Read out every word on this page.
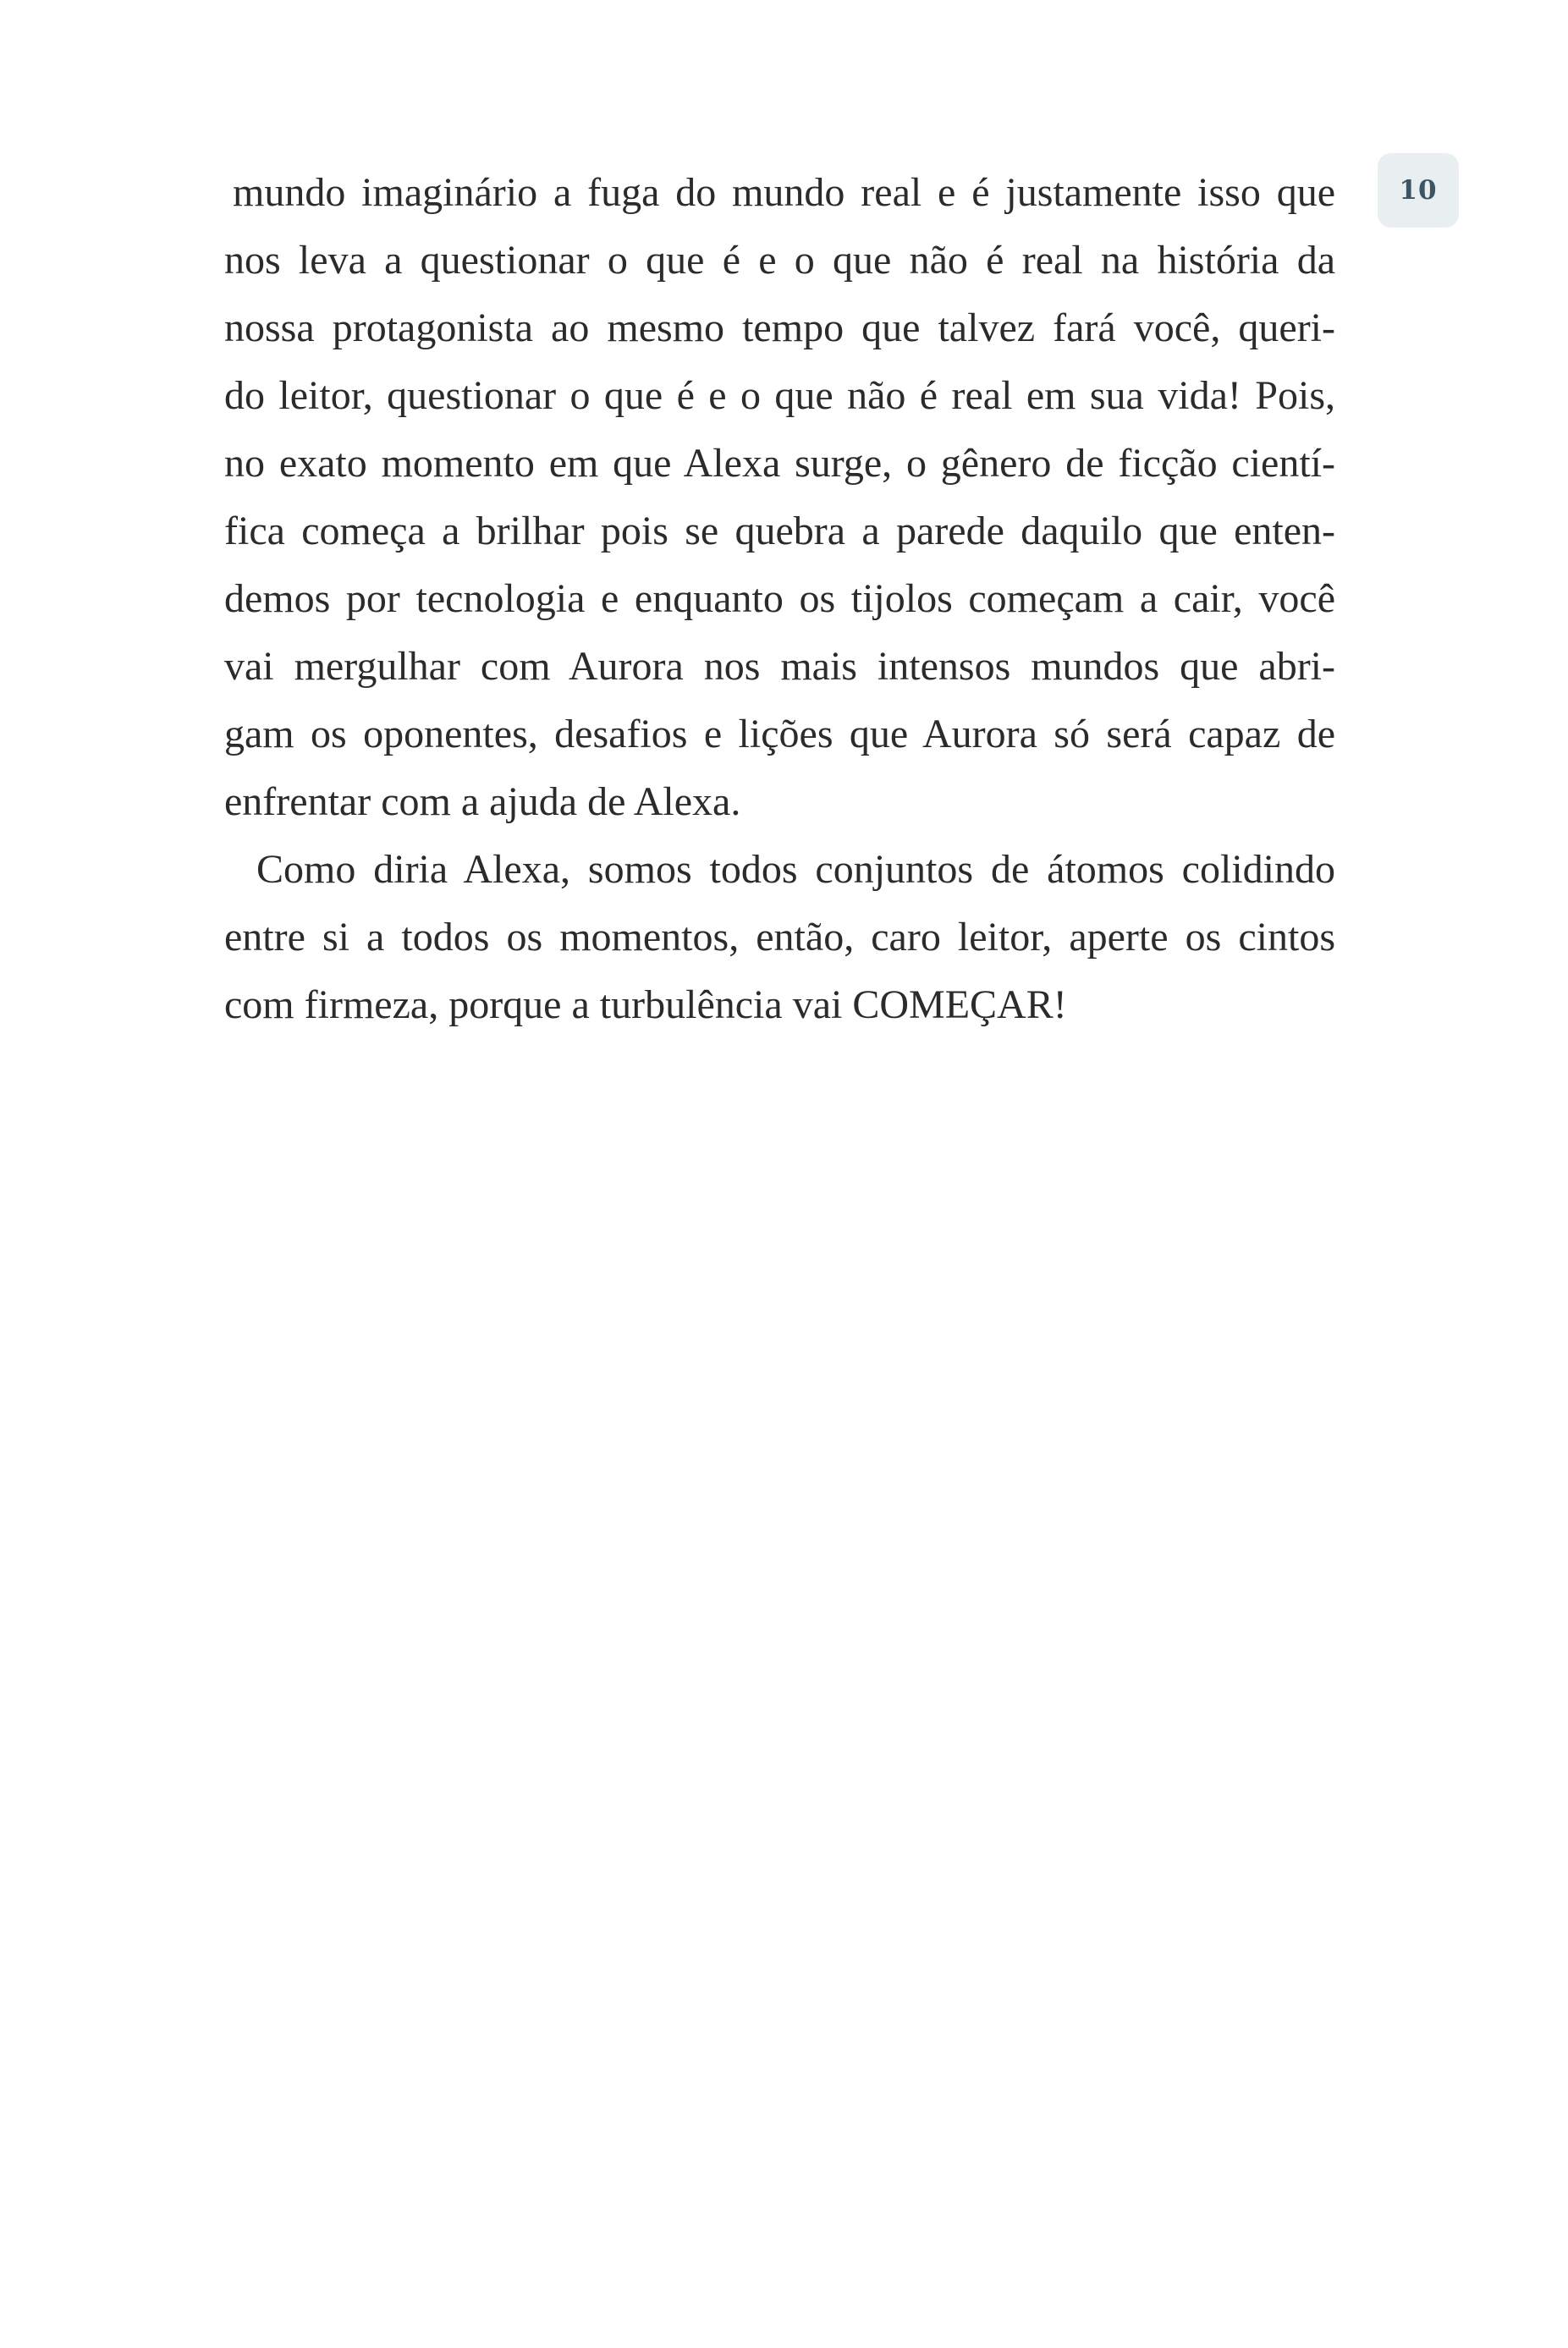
10
mundo imaginário a fuga do mundo real e é justamente isso que
nos leva a questionar o que é e o que não é real na história da
nossa protagonista ao mesmo tempo que talvez fará você, queri-
do leitor, questionar o que é e o que não é real em sua vida! Pois,
no exato momento em que Alexa surge, o gênero de ficção cientí-
fica começa a brilhar pois se quebra a parede daquilo que enten-
demos por tecnologia e enquanto os tijolos começam a cair, você
vai mergulhar com Aurora nos mais intensos mundos que abri-
gam os oponentes, desafios e lições que Aurora só será capaz de
enfrentar com a ajuda de Alexa.
Como diria Alexa, somos todos conjuntos de átomos colidindo
entre si a todos os momentos, então, caro leitor, aperte os cintos
com firmeza, porque a turbulência vai COMEÇAR!
